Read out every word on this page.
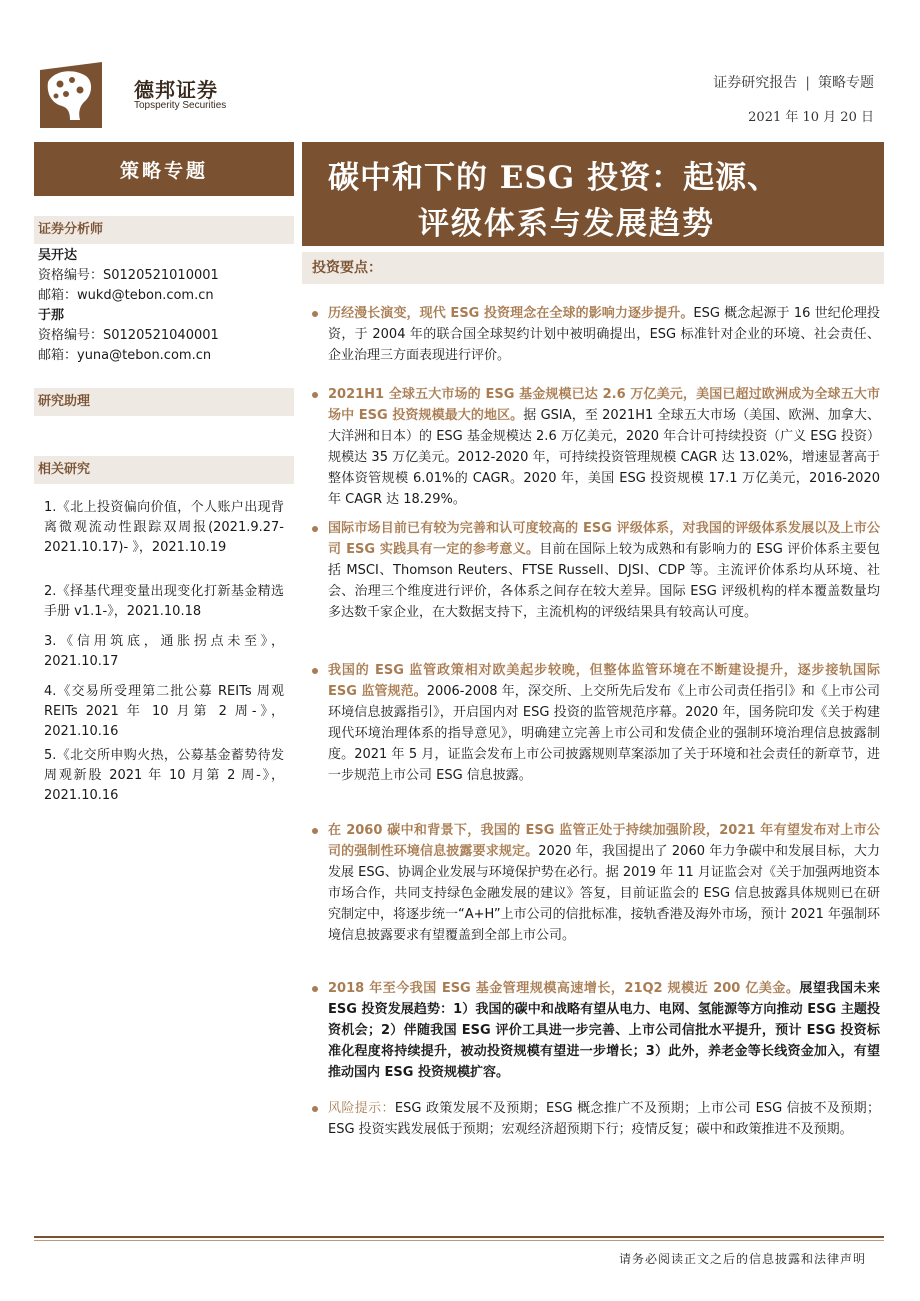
德邦证券
Topsperity Securities
证券研究报告 | 策略专题
2021 年 10 月 20 日
策略专题
证券分析师
吴开达
资格编号：S0120521010001
邮箱：wukd@tebon.com.cn
于那
资格编号：S0120521040001
邮箱：yuna@tebon.com.cn
研究助理
相关研究
1.《北上投资偏向价值，个人账户出现背离微观流动性跟踪双周报(2021.9.27-2021.10.17)- 》，2021.10.19
2.《择基代理变量出现变化打新基金精选手册 v1.1-》，2021.10.18
3.《信用筑底，通胀拐点未至》，2021.10.17
4.《交易所受理第二批公募 REITs 周观 REITs 2021 年 10 月第 2 周-》，2021.10.16
5.《北交所申购火热，公募基金蓄势待发周观新股 2021 年 10 月第 2 周-》，2021.10.16
碳中和下的 ESG 投资：起源、
评级体系与发展趋势
投资要点：
历经漫长演变，现代 ESG 投资理念在全球的影响力逐步提升。ESG 概念起源于 16 世纪伦理投资，于 2004 年的联合国全球契约计划中被明确提出，ESG 标准针对企业的环境、社会责任、企业治理三方面表现进行评价。
2021H1 全球五大市场的 ESG 基金规模已达 2.6 万亿美元，美国已超过欧洲成为全球五大市场中 ESG 投资规模最大的地区。据 GSIA，至 2021H1 全球五大市场（美国、欧洲、加拿大、大洋洲和日本）的 ESG 基金规模达 2.6 万亿美元，2020 年合计可持续投资（广义 ESG 投资）规模达 35 万亿美元。2012-2020 年，可持续投资管理规模 CAGR 达 13.02%，增速显著高于整体资管规模 6.01%的 CAGR。2020 年，美国 ESG 投资规模 17.1 万亿美元，2016-2020 年 CAGR 达 18.29%。
国际市场目前已有较为完善和认可度较高的 ESG 评级体系，对我国的评级体系发展以及上市公司 ESG 实践具有一定的参考意义。目前在国际上较为成熟和有影响力的 ESG 评价体系主要包括 MSCI、Thomson Reuters、FTSE Russell、DJSI、CDP 等。主流评价体系均从环境、社会、治理三个维度进行评价，各体系之间存在较大差异。国际 ESG 评级机构的样本覆盖数量均多达数千家企业，在大数据支持下，主流机构的评级结果具有较高认可度。
我国的 ESG 监管政策相对欧美起步较晚，但整体监管环境在不断建设提升，逐步接轨国际 ESG 监管规范。2006-2008 年，深交所、上交所先后发布《上市公司责任指引》和《上市公司环境信息披露指引》，开启国内对 ESG 投资的监管规范序幕。2020 年，国务院印发《关于构建现代环境治理体系的指导意见》，明确建立完善上市公司和发债企业的强制环境治理信息披露制度。2021 年 5 月，证监会发布上市公司披露规则草案添加了关于环境和社会责任的新章节，进一步规范上市公司 ESG 信息披露。
在 2060 碳中和背景下，我国的 ESG 监管正处于持续加强阶段，2021 年有望发布对上市公司的强制性环境信息披露要求规定。2020 年，我国提出了 2060 年力争碳中和发展目标，大力发展 ESG、协调企业发展与环境保护势在必行。据 2019 年 11 月证监会对《关于加强两地资本市场合作，共同支持绿色金融发展的建议》答复，目前证监会的 ESG 信息披露具体规则已在研究制定中，将逐步统一“A+H”上市公司的信批标准，接轨香港及海外市场，预计 2021 年强制环境信息披露要求有望覆盖到全部上市公司。
2018 年至今我国 ESG 基金管理规模高速增长，21Q2 规模近 200 亿美金。展望我国未来 ESG 投资发展趋势：1）我国的碳中和战略有望从电力、电网、氢能源等方向推动 ESG 主题投资机会；2）伴随我国 ESG 评价工具进一步完善、上市公司信批水平提升，预计 ESG 投资标准化程度将持续提升，被动投资规模有望进一步增长；3）此外，养老金等长线资金加入，有望推动国内 ESG 投资规模扩容。
风险提示：ESG 政策发展不及预期；ESG 概念推广不及预期；上市公司 ESG 信披不及预期；ESG 投资实践发展低于预期；宏观经济超预期下行；疫情反复；碳中和政策推进不及预期。
请务必阅读正文之后的信息披露和法律声明
